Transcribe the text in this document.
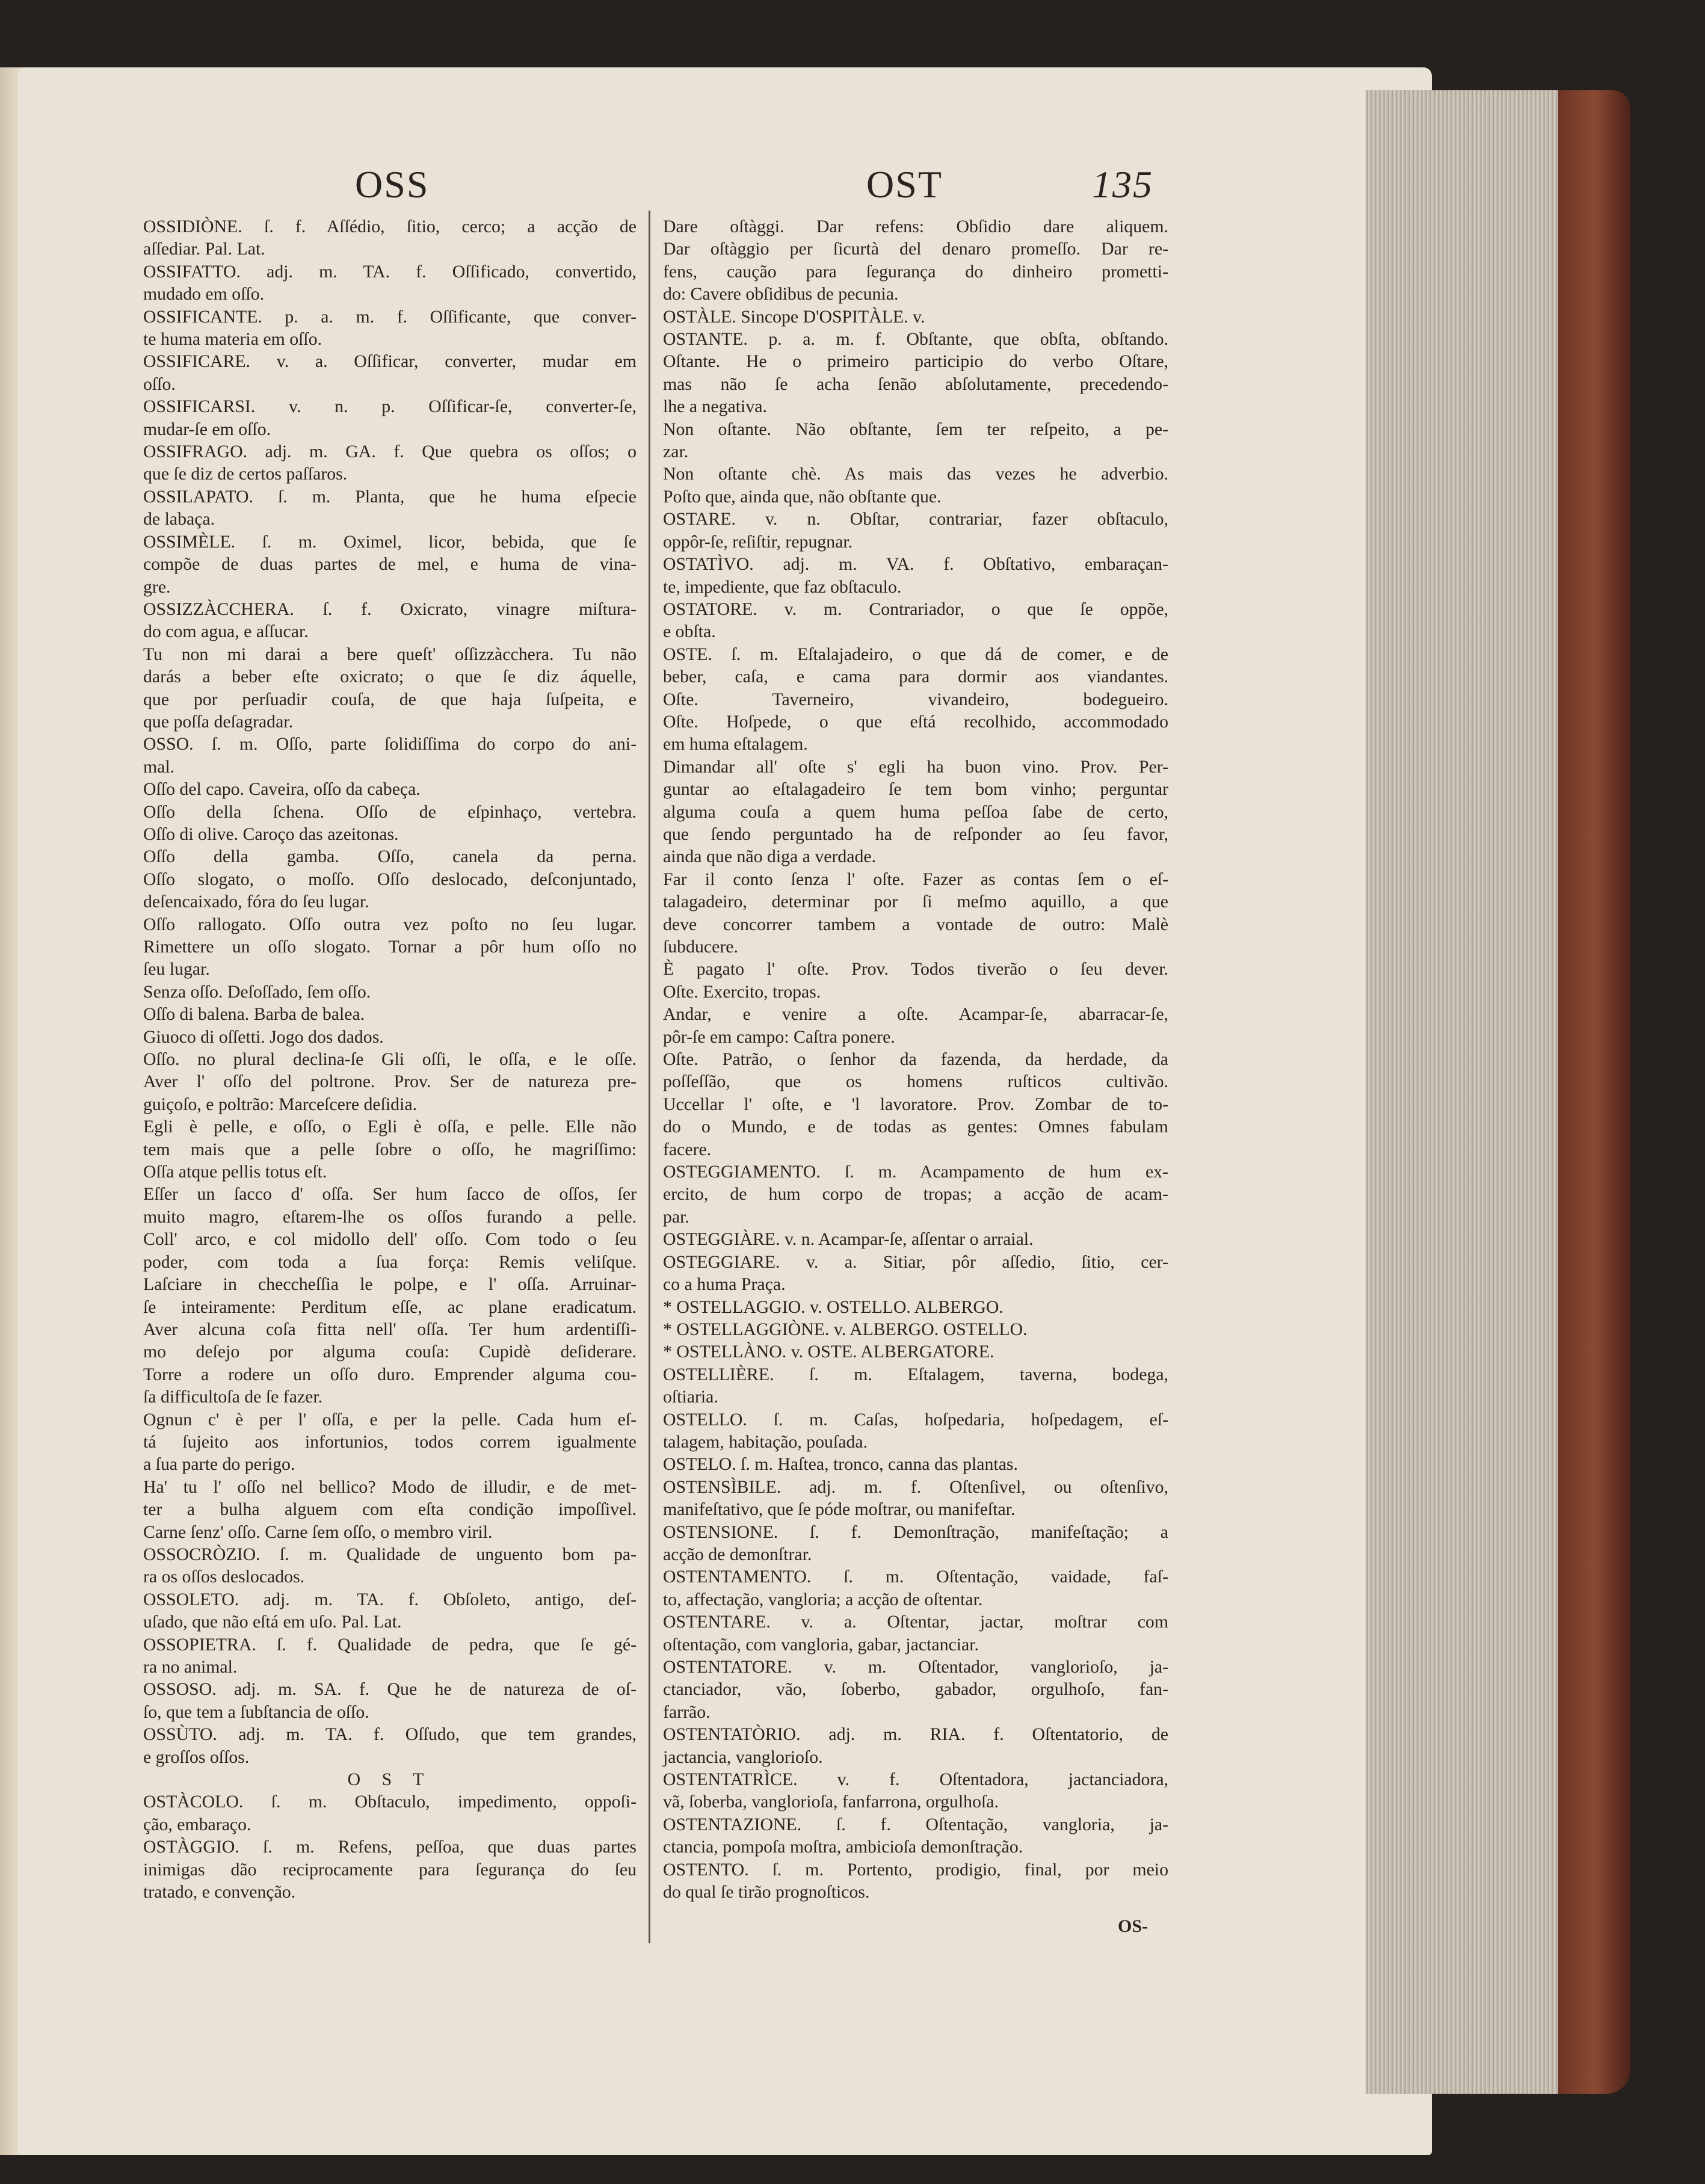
OSS	OST	135
OSSIDIÒNE. ſ. f. Aſſédio, ſitio, cerco; a acção de
aſſediar. Pal. Lat.
OSSIFATTO. adj. m. TA. f. Oſſificado, convertido,
mudado em oſſo.
OSSIFICANTE. p. a. m. f. Oſſificante, que conver-
te huma materia em oſſo.
OSSIFICARE. v. a. Oſſificar, converter, mudar em
oſſo.
OSSIFICARSI. v. n. p. Oſſificar-ſe, converter-ſe,
mudar-ſe em oſſo.
OSSIFRAGO. adj. m. GA. f. Que quebra os oſſos; o
que ſe diz de certos paſſaros.
OSSILAPATO. ſ. m. Planta, que he huma eſpecie
de labaça.
OSSIMÈLE. ſ. m. Oximel, licor, bebida, que ſe
compõe de duas partes de mel, e huma de vina-
gre.
OSSIZZÀCCHERA. ſ. f. Oxicrato, vinagre miſtura-
do com agua, e aſſucar.
Tu non mi darai a bere queſt' oſſizzàcchera. Tu não
darás a beber eſte oxicrato; o que ſe diz áquelle,
que por perſuadir couſa, de que haja ſuſpeita, e
que poſſa deſagradar.
OSSO. ſ. m. Oſſo, parte ſolidiſſima do corpo do ani-
mal.
Oſſo del capo. Caveira, oſſo da cabeça.
Oſſo della ſchena. Oſſo de eſpinhaço, vertebra.
Oſſo di olive. Caroço das azeitonas.
Oſſo della gamba. Oſſo, canela da perna.
Oſſo slogato, o moſſo. Oſſo deslocado, deſconjuntado,
deſencaixado, fóra do ſeu lugar.
Oſſo rallogato. Oſſo outra vez poſto no ſeu lugar.
Rimettere un oſſo slogato. Tornar a pôr hum oſſo no
ſeu lugar.
Senza oſſo. Deſoſſado, ſem oſſo.
Oſſo di balena. Barba de balea.
Giuoco di oſſetti. Jogo dos dados.
Oſſo. no plural declina-ſe Gli oſſi, le oſſa, e le oſſe.
Aver l' oſſo del poltrone. Prov. Ser de natureza pre-
guiçoſo, e poltrão: Marceſcere deſidia.
Egli è pelle, e oſſo, o Egli è oſſa, e pelle. Elle não
tem mais que a pelle ſobre o oſſo, he magriſſimo:
Oſſa atque pellis totus eſt.
Eſſer un ſacco d' oſſa. Ser hum ſacco de oſſos, ſer
muito magro, eſtarem-lhe os oſſos furando a pelle.
Coll' arco, e col midollo dell' oſſo. Com todo o ſeu
poder, com toda a ſua força: Remis veliſque.
Laſciare in checcheſſia le polpe, e l' oſſa. Arruinar-
ſe inteiramente: Perditum eſſe, ac plane eradicatum.
Aver alcuna coſa fitta nell' oſſa. Ter hum ardentiſſi-
mo deſejo por alguma couſa: Cupidè deſiderare.
Torre a rodere un oſſo duro. Emprender alguma cou-
ſa difficultoſa de ſe fazer.
Ognun c' è per l' oſſa, e per la pelle. Cada hum eſ-
tá ſujeito aos infortunios, todos correm igualmente
a ſua parte do perigo.
Ha' tu l' oſſo nel bellico? Modo de illudir, e de met-
ter a bulha alguem com eſta condição impoſſivel.
Carne ſenz' oſſo. Carne ſem oſſo, o membro viril.
OSSOCRÒZIO. ſ. m. Qualidade de unguento bom pa-
ra os oſſos deslocados.
OSSOLETO. adj. m. TA. f. Obſoleto, antigo, deſ-
uſado, que não eſtá em uſo. Pal. Lat.
OSSOPIETRA. ſ. f. Qualidade de pedra, que ſe gé-
ra no animal.
OSSOSO. adj. m. SA. f. Que he de natureza de oſ-
ſo, que tem a ſubſtancia de oſſo.
OSSÙTO. adj. m. TA. f. Oſſudo, que tem grandes,
e groſſos oſſos.
O S T
OSTÀCOLO. ſ. m. Obſtaculo, impedimento, oppoſi-
ção, embaraço.
OSTÀGGIO. ſ. m. Refens, peſſoa, que duas partes
inimigas dão reciprocamente para ſegurança do ſeu
tratado, e convenção.
Dare oſtàggi. Dar refens: Obſidio dare aliquem.
Dar oſtàggio per ſicurtà del denaro promeſſo. Dar re-
fens, caução para ſegurança do dinheiro prometti-
do: Cavere obſidibus de pecunia.
OSTÀLE. Sincope D'OSPITÀLE. v.
OSTANTE. p. a. m. f. Obſtante, que obſta, obſtando.
Oſtante. He o primeiro participio do verbo Oſtare,
mas não ſe acha ſenão abſolutamente, precedendo-
lhe a negativa.
Non oſtante. Não obſtante, ſem ter reſpeito, a pe-
zar.
Non oſtante chè. As mais das vezes he adverbio.
Poſto que, ainda que, não obſtante que.
OSTARE. v. n. Obſtar, contrariar, fazer obſtaculo,
oppôr-ſe, reſiſtir, repugnar.
OSTATÌVO. adj. m. VA. f. Obſtativo, embaraçan-
te, impediente, que faz obſtaculo.
OSTATORE. v. m. Contrariador, o que ſe oppõe,
e obſta.
OSTE. ſ. m. Eſtalajadeiro, o que dá de comer, e de
beber, caſa, e cama para dormir aos viandantes.
Oſte. Taverneiro, vivandeiro, bodegueiro.
Oſte. Hoſpede, o que eſtá recolhido, accommodado
em huma eſtalagem.
Dimandar all' oſte s' egli ha buon vino. Prov. Per-
guntar ao eſtalagadeiro ſe tem bom vinho; perguntar
alguma couſa a quem huma peſſoa ſabe de certo,
que ſendo perguntado ha de reſponder ao ſeu favor,
ainda que não diga a verdade.
Far il conto ſenza l' oſte. Fazer as contas ſem o eſ-
talagadeiro, determinar por ſi meſmo aquillo, a que
deve concorrer tambem a vontade de outro: Malè
ſubducere.
È pagato l' oſte. Prov. Todos tiverão o ſeu dever.
Oſte. Exercito, tropas.
Andar, e venire a oſte. Acampar-ſe, abarracar-ſe,
pôr-ſe em campo: Caſtra ponere.
Oſte. Patrão, o ſenhor da fazenda, da herdade, da
poſſeſſão, que os homens ruſticos cultivão.
Uccellar l' oſte, e 'l lavoratore. Prov. Zombar de to-
do o Mundo, e de todas as gentes: Omnes fabulam
facere.
OSTEGGIAMENTO. ſ. m. Acampamento de hum ex-
ercito, de hum corpo de tropas; a acção de acam-
par.
OSTEGGIÀRE. v. n. Acampar-ſe, aſſentar o arraial.
OSTEGGIARE. v. a. Sitiar, pôr aſſedio, ſitio, cer-
co a huma Praça.
* OSTELLAGGIO. v. OSTELLO. ALBERGO.
* OSTELLAGGIÒNE. v. ALBERGO. OSTELLO.
* OSTELLÀNO. v. OSTE. ALBERGATORE.
OSTELLIÈRE. ſ. m. Eſtalagem, taverna, bodega,
oſtiaria.
OSTELLO. ſ. m. Caſas, hoſpedaria, hoſpedagem, eſ-
talagem, habitação, pouſada.
OSTELO. ſ. m. Haſtea, tronco, canna das plantas.
OSTENSÌBILE. adj. m. f. Oſtenſivel, ou oſtenſivo,
manifeſtativo, que ſe póde moſtrar, ou manifeſtar.
OSTENSIONE. ſ. f. Demonſtração, manifeſtação; a
acção de demonſtrar.
OSTENTAMENTO. ſ. m. Oſtentação, vaidade, faſ-
to, affectação, vangloria; a acção de oſtentar.
OSTENTARE. v. a. Oſtentar, jactar, moſtrar com
oſtentação, com vangloria, gabar, jactanciar.
OSTENTATORE. v. m. Oſtentador, vanglorioſo, ja-
ctanciador, vão, ſoberbo, gabador, orgulhoſo, fan-
farrão.
OSTENTATÒRIO. adj. m. RIA. f. Oſtentatorio, de
jactancia, vanglorioſo.
OSTENTATRÌCE. v. f. Oſtentadora, jactanciadora,
vã, ſoberba, vanglorioſa, fanfarrona, orgulhoſa.
OSTENTAZIONE. ſ. f. Oſtentação, vangloria, ja-
ctancia, pompoſa moſtra, ambicioſa demonſtração.
OSTENTO. ſ. m. Portento, prodigio, final, por meio
do qual ſe tirão prognoſticos.
OS-
